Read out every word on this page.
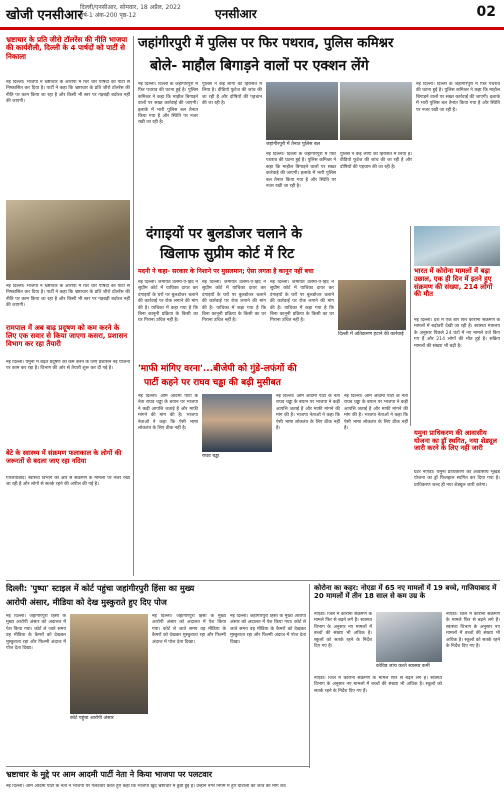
खोजी एनसीआर
दिल्ली/एनसीआर, सोमवार, 18 अप्रैल, 2022
वर्ष-1 अंक-200 पृष्ठ-12	एनसीआर	02
भ्रष्टाचार के प्रति जीरो टॉलरेंस की नीति भाजपा की कार्यशैली, दिल्ली के 4 पार्षदों को पार्टी से निकाला
नई दिल्ली। भाजपा ने भ्रष्टाचार के आरोपों में घिरे चार पार्षदों को पार्टी से निष्कासित कर दिया है। पार्टी ने कहा कि भ्रष्टाचार के प्रति जीरो टॉलरेंस की नीति पर काम किया जा रहा है और किसी भी स्तर पर गड़बड़ी बर्दाश्त नहीं की जाएगी।
नई दिल्ली। भाजपा ने भ्रष्टाचार के आरोपों में घिरे चार पार्षदों को पार्टी से निष्कासित कर दिया है। पार्टी ने कहा कि भ्रष्टाचार के प्रति जीरो टॉलरेंस की नीति पर काम किया जा रहा है और किसी भी स्तर पर गड़बड़ी बर्दाश्त नहीं की जाएगी।
रामपाल में अब बाढ़ प्रदूषण को कम करने के लिए एक सवार से किया जाएगा कसरा, प्रशासन विभाग कर रहा तैयारी
नई दिल्ली। यमुना में बढ़ते प्रदूषण को कम करने के लिए प्रशासन नई योजना पर काम कर रहा है। विभाग की ओर से तैयारी शुरू कर दी गई है।
बेटे के स्वास्थ्य में संक्रमण फलाकाल के लोगों की जरूरतों से बदला जाए रहा नदिया
गाजियाबाद। स्वास्थ्य विभाग की ओर से संक्रमण के मामलों पर नजर रखी जा रही है और लोगों से सतर्क रहने की अपील की गई है।
जहांगीरपुरी में पुलिस पर फिर पथराव, पुलिस कमिश्नर
बोले- माहौल बिगाड़ने वालों पर एक्शन लेंगे
नई दिल्ली। दिल्ली के जहांगीरपुरी में फिर पथराव की घटना हुई है। पुलिस कमिश्नर ने कहा कि माहौल बिगाड़ने वालों पर सख्त कार्रवाई की जाएगी। इलाके में भारी पुलिस बल तैनात किया गया है और स्थिति पर नजर रखी जा रही है।
पुलिस ने कई लोगों को हिरासत में लिया है। वीडियो फुटेज की जांच की जा रही है और दोषियों की पहचान की जा रही है।
जहांगीरपुरी में तैनात पुलिस बल
नई दिल्ली। दिल्ली के जहांगीरपुरी में फिर पथराव की घटना हुई है। पुलिस कमिश्नर ने कहा कि माहौल बिगाड़ने वालों पर सख्त कार्रवाई की जाएगी। इलाके में भारी पुलिस बल तैनात किया गया है और स्थिति पर नजर रखी जा रही है।
पुलिस ने कई लोगों को हिरासत में लिया है। वीडियो फुटेज की जांच की जा रही है और दोषियों की पहचान की जा रही है।
नई दिल्ली। दिल्ली के जहांगीरपुरी में फिर पथराव की घटना हुई है। पुलिस कमिश्नर ने कहा कि माहौल बिगाड़ने वालों पर सख्त कार्रवाई की जाएगी। इलाके में भारी पुलिस बल तैनात किया गया है और स्थिति पर नजर रखी जा रही है।
दंगाइयों पर बुलडोजर चलाने के
खिलाफ सुप्रीम कोर्ट में रिट
मदनी ने कहा- सरकार के निशाने पर मुसलमान; ऐसा लगता है कानून नहीं बचा
नई दिल्ली। जमीयत उलेमा-ए-हिंद ने सुप्रीम कोर्ट में याचिका दायर कर दंगाइयों के घरों पर बुलडोजर चलाने की कार्रवाई पर रोक लगाने की मांग की है। याचिका में कहा गया है कि बिना कानूनी प्रक्रिया के किसी का घर गिराना उचित नहीं है।
नई दिल्ली। जमीयत उलेमा-ए-हिंद ने सुप्रीम कोर्ट में याचिका दायर कर दंगाइयों के घरों पर बुलडोजर चलाने की कार्रवाई पर रोक लगाने की मांग की है। याचिका में कहा गया है कि बिना कानूनी प्रक्रिया के किसी का घर गिराना उचित नहीं है।
नई दिल्ली। जमीयत उलेमा-ए-हिंद ने सुप्रीम कोर्ट में याचिका दायर कर दंगाइयों के घरों पर बुलडोजर चलाने की कार्रवाई पर रोक लगाने की मांग की है। याचिका में कहा गया है कि बिना कानूनी प्रक्रिया के किसी का घर गिराना उचित नहीं है।
दिल्ली में अतिक्रमण हटाने की कार्रवाई
'माफी मांगिए वरना'...बीजेपी को गुंडे-लफंगों की
पार्टी कहने पर राघव चड्ढा की बढ़ी मुसीबत
नई दिल्ली। आम आदमी पार्टी के नेता राघव चड्ढा के बयान पर भाजपा ने कड़ी आपत्ति जताई है और माफी मांगने की मांग की है। भाजपा नेताओं ने कहा कि ऐसी भाषा लोकतंत्र के लिए ठीक नहीं है।
राघव चड्ढा
नई दिल्ली। आम आदमी पार्टी के नेता राघव चड्ढा के बयान पर भाजपा ने कड़ी आपत्ति जताई है और माफी मांगने की मांग की है। भाजपा नेताओं ने कहा कि ऐसी भाषा लोकतंत्र के लिए ठीक नहीं है।
नई दिल्ली। आम आदमी पार्टी के नेता राघव चड्ढा के बयान पर भाजपा ने कड़ी आपत्ति जताई है और माफी मांगने की मांग की है। भाजपा नेताओं ने कहा कि ऐसी भाषा लोकतंत्र के लिए ठीक नहीं है।
भारत में कोरोना मामलों में बढ़ा उछाल, एक ही दिन में इतने हुए संक्रमण की संख्या, 214 लोगों की मौत
नई दिल्ली। देश में एक बार फिर कोरोना संक्रमण के मामलों में बढ़ोतरी देखी जा रही है। स्वास्थ्य मंत्रालय के अनुसार पिछले 24 घंटों में नए मामले दर्ज किए गए हैं और 214 लोगों की मौत हुई है। सक्रिय मामलों की संख्या भी बढ़ी है।
यमुना प्राधिकरण की आवासीय योजना का ड्रॉ स्थगित, नया शेड्यूल जारी करने के लिए नहीं जारी
ग्रेटर नोएडा। यमुना प्राधिकरण की आवासीय भूखंड योजना का ड्रॉ फिलहाल स्थगित कर दिया गया है। प्राधिकरण जल्द ही नया शेड्यूल जारी करेगा।
दिल्ली: 'पुष्पा' स्टाइल में कोर्ट पहुंचा जहांगीरपुरी हिंसा का मुख्य
आरोपी अंसार, मीडिया को देख मुस्कुराते हुए दिए पोज
नई दिल्ली। जहांगीरपुरी हिंसा के मुख्य आरोपी अंसार को अदालत में पेश किया गया। कोर्ट ले जाते समय वह मीडिया के कैमरों को देखकर मुस्कुराता रहा और फिल्मी अंदाज में पोज देता दिखा।
कोर्ट पहुंचा आरोपी अंसार
नई दिल्ली। जहांगीरपुरी हिंसा के मुख्य आरोपी अंसार को अदालत में पेश किया गया। कोर्ट ले जाते समय वह मीडिया के कैमरों को देखकर मुस्कुराता रहा और फिल्मी अंदाज में पोज देता दिखा।
नई दिल्ली। जहांगीरपुरी हिंसा के मुख्य आरोपी अंसार को अदालत में पेश किया गया। कोर्ट ले जाते समय वह मीडिया के कैमरों को देखकर मुस्कुराता रहा और फिल्मी अंदाज में पोज देता दिखा।
कोरोना का कहर: नोएडा में 65 नए मामलों में 19 बच्चे, गाजियाबाद में 20 मामलों में तीन 18 साल से कम उम्र के
नोएडा। जिले में कोरोना संक्रमण के मामले फिर से बढ़ने लगे हैं। स्वास्थ्य विभाग के अनुसार नए मामलों में बच्चों की संख्या भी अधिक है। स्कूलों को सतर्क रहने के निर्देश दिए गए हैं।
कोविड जांच करते स्वास्थ्य कर्मी
नोएडा। जिले में कोरोना संक्रमण के मामले फिर से बढ़ने लगे हैं। स्वास्थ्य विभाग के अनुसार नए मामलों में बच्चों की संख्या भी अधिक है। स्कूलों को सतर्क रहने के निर्देश दिए गए हैं।
नोएडा। जिले में कोरोना संक्रमण के मामले फिर से बढ़ने लगे हैं। स्वास्थ्य विभाग के अनुसार नए मामलों में बच्चों की संख्या भी अधिक है। स्कूलों को सतर्क रहने के निर्देश दिए गए हैं।
भ्रष्टाचार के मुद्दे पर आम आदमी पार्टी नेता ने किया भाजपा पर पलटवार
नई दिल्ली। आम आदमी पार्टी के नेता ने भाजपा पर पलटवार करते हुए कहा कि भाजपा खुद भ्रष्टाचार में डूबी हुई है। उन्होंने नगर निगम में हुए घोटालों की जांच की मांग की।
